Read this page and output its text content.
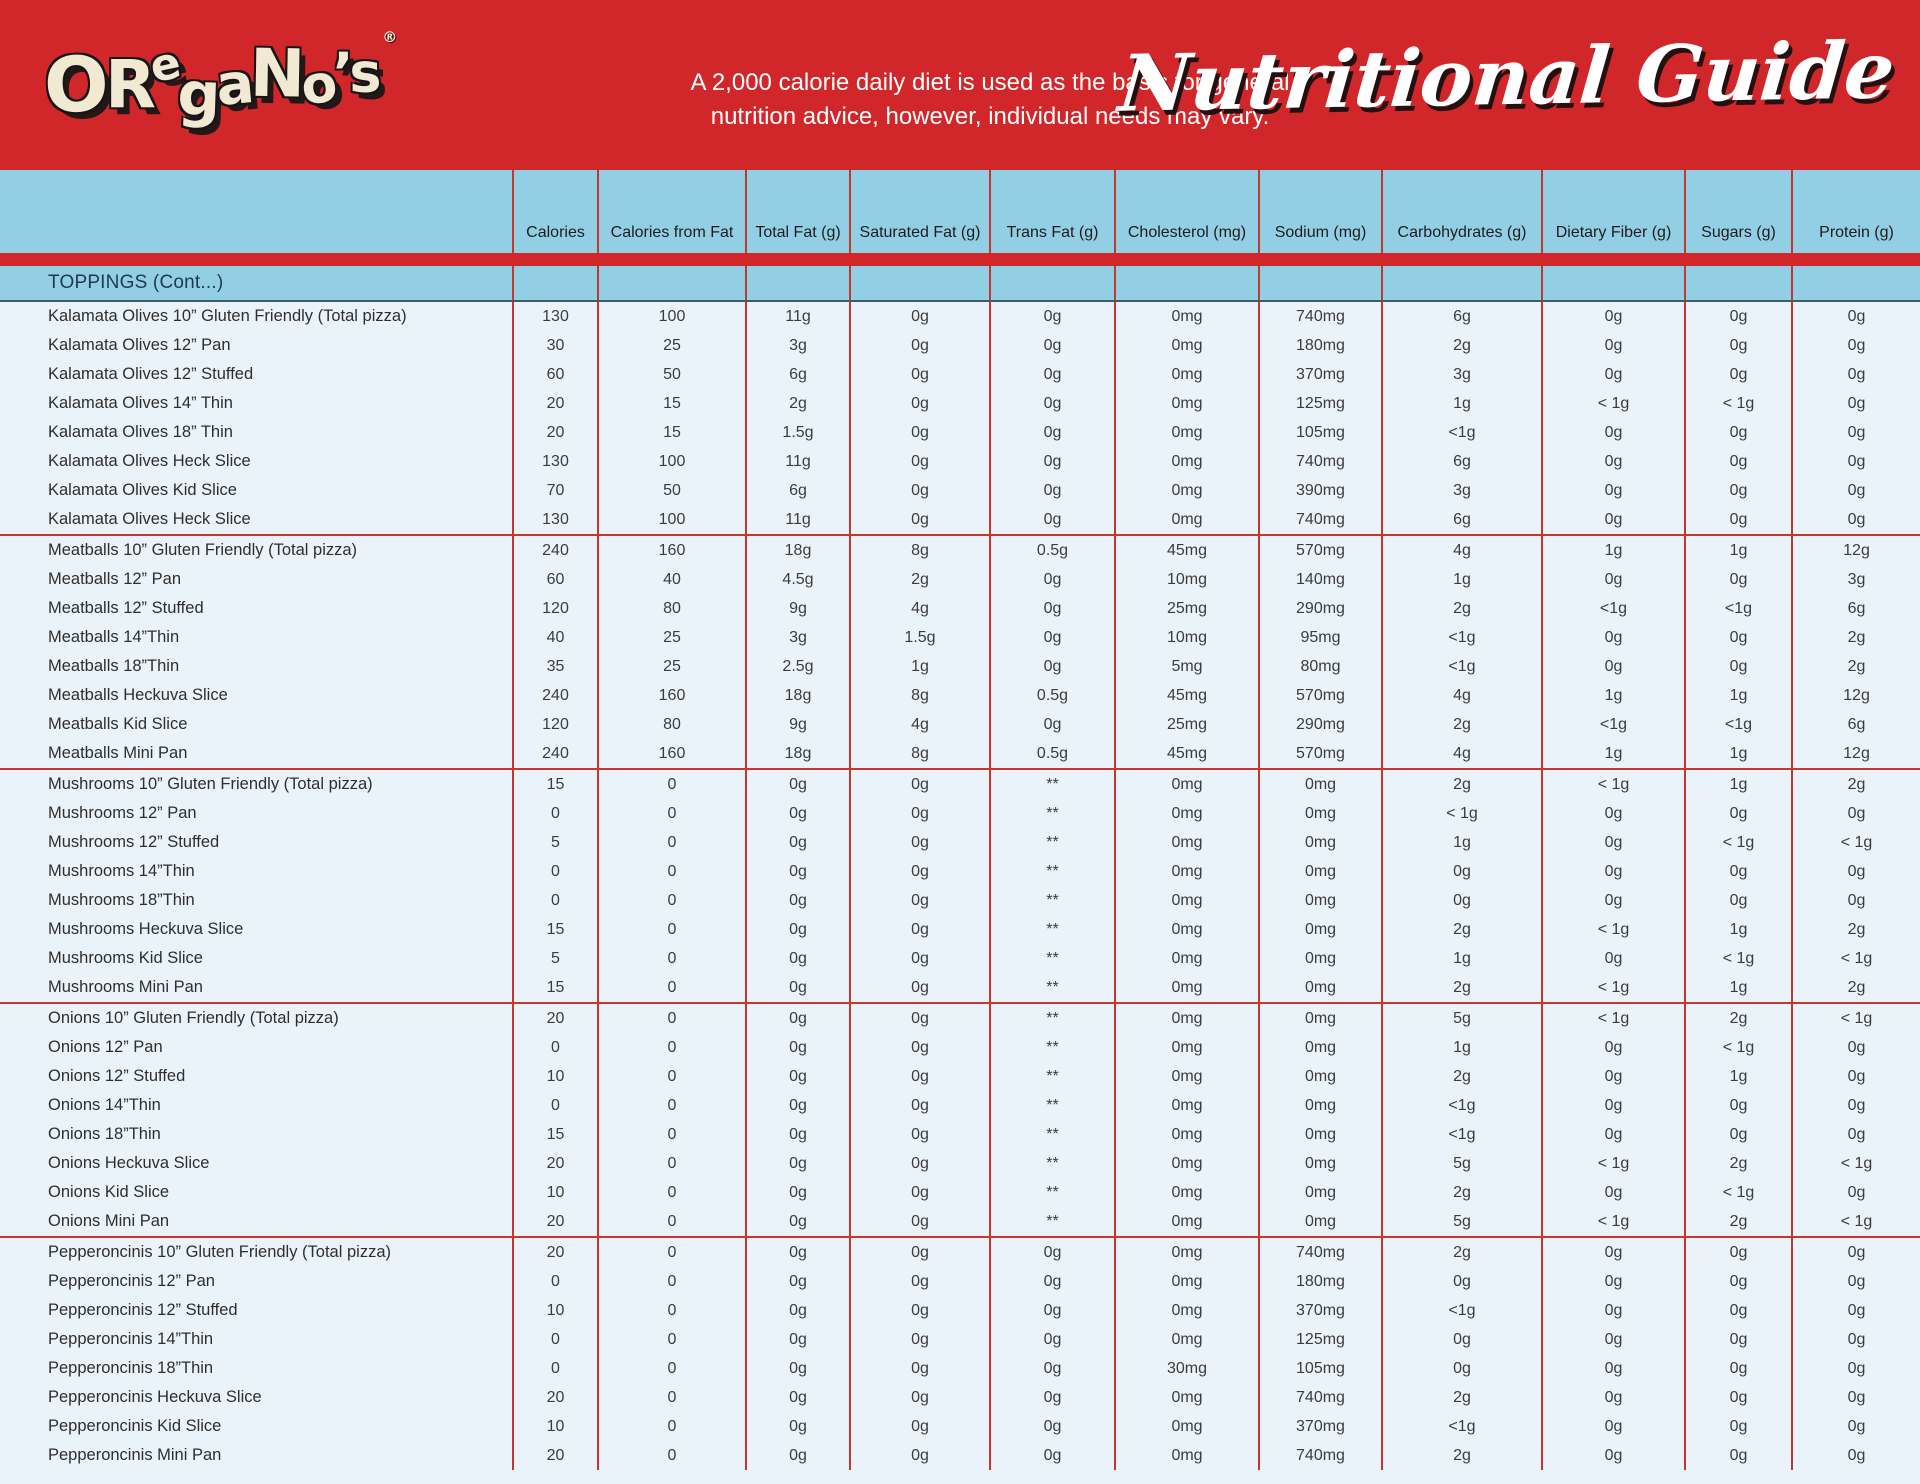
ORegaNo’s®
A 2,000 calorie daily diet is used as the basis for general
nutrition advice, however, individual needs may vary.
Nutritional Guide
Calories	Calories from Fat	Total Fat (g)	Saturated Fat (g)	Trans Fat (g)	Cholesterol (mg)	Sodium (mg)	Carbohydrates (g)	Dietary Fiber (g)	Sugars (g)	Protein (g)
TOPPINGS (Cont...)
Kalamata Olives 10” Gluten Friendly (Total pizza)	130	100	11g	0g	0g	0mg	740mg	6g	0g	0g	0g
Kalamata Olives 12” Pan	30	25	3g	0g	0g	0mg	180mg	2g	0g	0g	0g
Kalamata Olives 12” Stuffed	60	50	6g	0g	0g	0mg	370mg	3g	0g	0g	0g
Kalamata Olives 14” Thin	20	15	2g	0g	0g	0mg	125mg	1g	< 1g	< 1g	0g
Kalamata Olives 18” Thin	20	15	1.5g	0g	0g	0mg	105mg	<1g	0g	0g	0g
Kalamata Olives Heck Slice	130	100	11g	0g	0g	0mg	740mg	6g	0g	0g	0g
Kalamata Olives Kid Slice	70	50	6g	0g	0g	0mg	390mg	3g	0g	0g	0g
Kalamata Olives Heck Slice	130	100	11g	0g	0g	0mg	740mg	6g	0g	0g	0g
Meatballs 10” Gluten Friendly (Total pizza)	240	160	18g	8g	0.5g	45mg	570mg	4g	1g	1g	12g
Meatballs 12” Pan	60	40	4.5g	2g	0g	10mg	140mg	1g	0g	0g	3g
Meatballs 12” Stuffed	120	80	9g	4g	0g	25mg	290mg	2g	<1g	<1g	6g
Meatballs 14”Thin	40	25	3g	1.5g	0g	10mg	95mg	<1g	0g	0g	2g
Meatballs 18”Thin	35	25	2.5g	1g	0g	5mg	80mg	<1g	0g	0g	2g
Meatballs Heckuva Slice	240	160	18g	8g	0.5g	45mg	570mg	4g	1g	1g	12g
Meatballs Kid Slice	120	80	9g	4g	0g	25mg	290mg	2g	<1g	<1g	6g
Meatballs Mini Pan	240	160	18g	8g	0.5g	45mg	570mg	4g	1g	1g	12g
Mushrooms 10” Gluten Friendly (Total pizza)	15	0	0g	0g	**	0mg	0mg	2g	< 1g	1g	2g
Mushrooms 12” Pan	0	0	0g	0g	**	0mg	0mg	< 1g	0g	0g	0g
Mushrooms 12” Stuffed	5	0	0g	0g	**	0mg	0mg	1g	0g	< 1g	< 1g
Mushrooms 14”Thin	0	0	0g	0g	**	0mg	0mg	0g	0g	0g	0g
Mushrooms 18”Thin	0	0	0g	0g	**	0mg	0mg	0g	0g	0g	0g
Mushrooms Heckuva Slice	15	0	0g	0g	**	0mg	0mg	2g	< 1g	1g	2g
Mushrooms Kid Slice	5	0	0g	0g	**	0mg	0mg	1g	0g	< 1g	< 1g
Mushrooms Mini Pan	15	0	0g	0g	**	0mg	0mg	2g	< 1g	1g	2g
Onions 10” Gluten Friendly (Total pizza)	20	0	0g	0g	**	0mg	0mg	5g	< 1g	2g	< 1g
Onions 12” Pan	0	0	0g	0g	**	0mg	0mg	1g	0g	< 1g	0g
Onions 12” Stuffed	10	0	0g	0g	**	0mg	0mg	2g	0g	1g	0g
Onions 14”Thin	0	0	0g	0g	**	0mg	0mg	<1g	0g	0g	0g
Onions 18”Thin	15	0	0g	0g	**	0mg	0mg	<1g	0g	0g	0g
Onions Heckuva Slice	20	0	0g	0g	**	0mg	0mg	5g	< 1g	2g	< 1g
Onions Kid Slice	10	0	0g	0g	**	0mg	0mg	2g	0g	< 1g	0g
Onions Mini Pan	20	0	0g	0g	**	0mg	0mg	5g	< 1g	2g	< 1g
Pepperoncinis 10” Gluten Friendly (Total pizza)	20	0	0g	0g	0g	0mg	740mg	2g	0g	0g	0g
Pepperoncinis 12” Pan	0	0	0g	0g	0g	0mg	180mg	0g	0g	0g	0g
Pepperoncinis 12” Stuffed	10	0	0g	0g	0g	0mg	370mg	<1g	0g	0g	0g
Pepperoncinis 14”Thin	0	0	0g	0g	0g	0mg	125mg	0g	0g	0g	0g
Pepperoncinis 18”Thin	0	0	0g	0g	0g	30mg	105mg	0g	0g	0g	0g
Pepperoncinis Heckuva Slice	20	0	0g	0g	0g	0mg	740mg	2g	0g	0g	0g
Pepperoncinis Kid Slice	10	0	0g	0g	0g	0mg	370mg	<1g	0g	0g	0g
Pepperoncinis Mini Pan	20	0	0g	0g	0g	0mg	740mg	2g	0g	0g	0g
